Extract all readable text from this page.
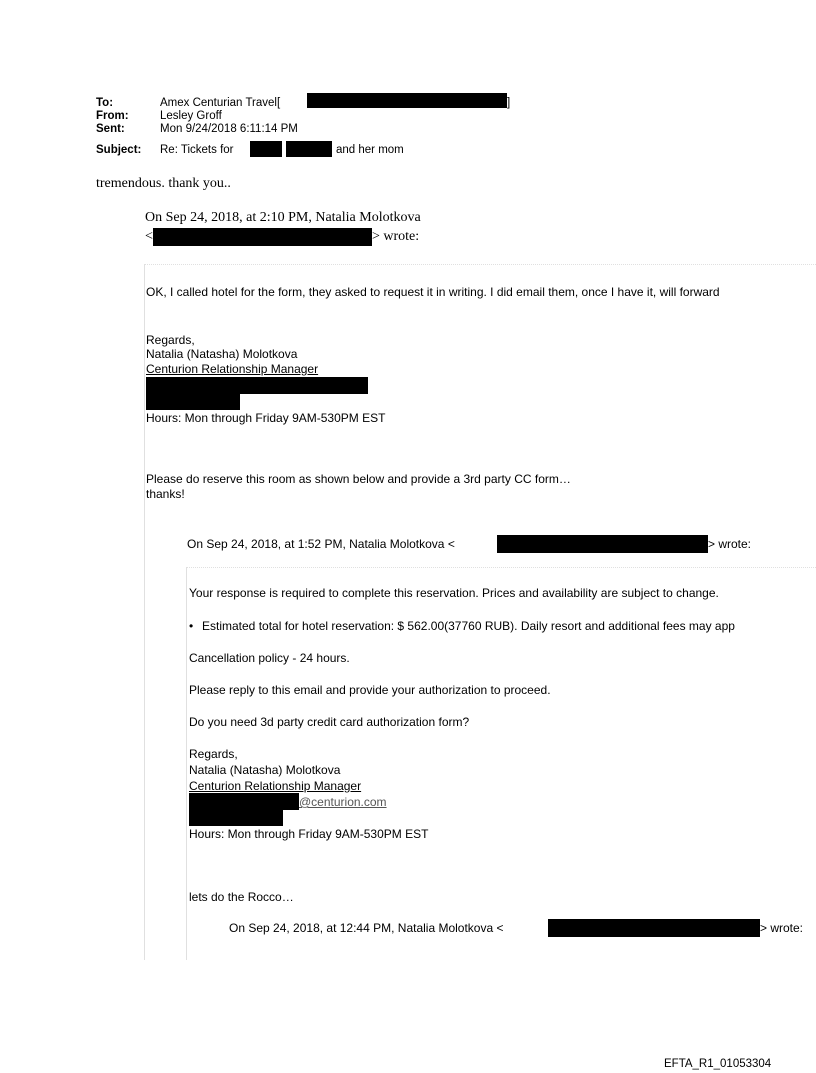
To:	Amex Centurian Travel[	]
From:	Lesley Groff
Sent:	Mon 9/24/2018 6:11:14 PM
Subject: Re: Tickets for	and her mom
tremendous. thank you..
On Sep 24, 2018, at 2:10 PM, Natalia Molotkova
<	> wrote:
OK, I called hotel for the form, they asked to request it in writing. I did email them, once I have it, will forward
Regards,
Natalia (Natasha) Molotkova
Centurion Relationship Manager
Hours: Mon through Friday 9AM-530PM EST
Please do reserve this room as shown below and provide a 3rd party CC form…
thanks!
On Sep 24, 2018, at 1:52 PM, Natalia Molotkova <	> wrote:
Your response is required to complete this reservation. Prices and availability are subject to change.
• Estimated total for hotel reservation: $ 562.00(37760 RUB). Daily resort and additional fees may app
Cancellation policy - 24 hours.
Please reply to this email and provide your authorization to proceed.
Do you need 3d party credit card authorization form?
Regards,
Natalia (Natasha) Molotkova
Centurion Relationship Manager
@centurion.com
Hours: Mon through Friday 9AM-530PM EST
lets do the Rocco…
On Sep 24, 2018, at 12:44 PM, Natalia Molotkova <	> wrote:
EFTA_R1_01053304
